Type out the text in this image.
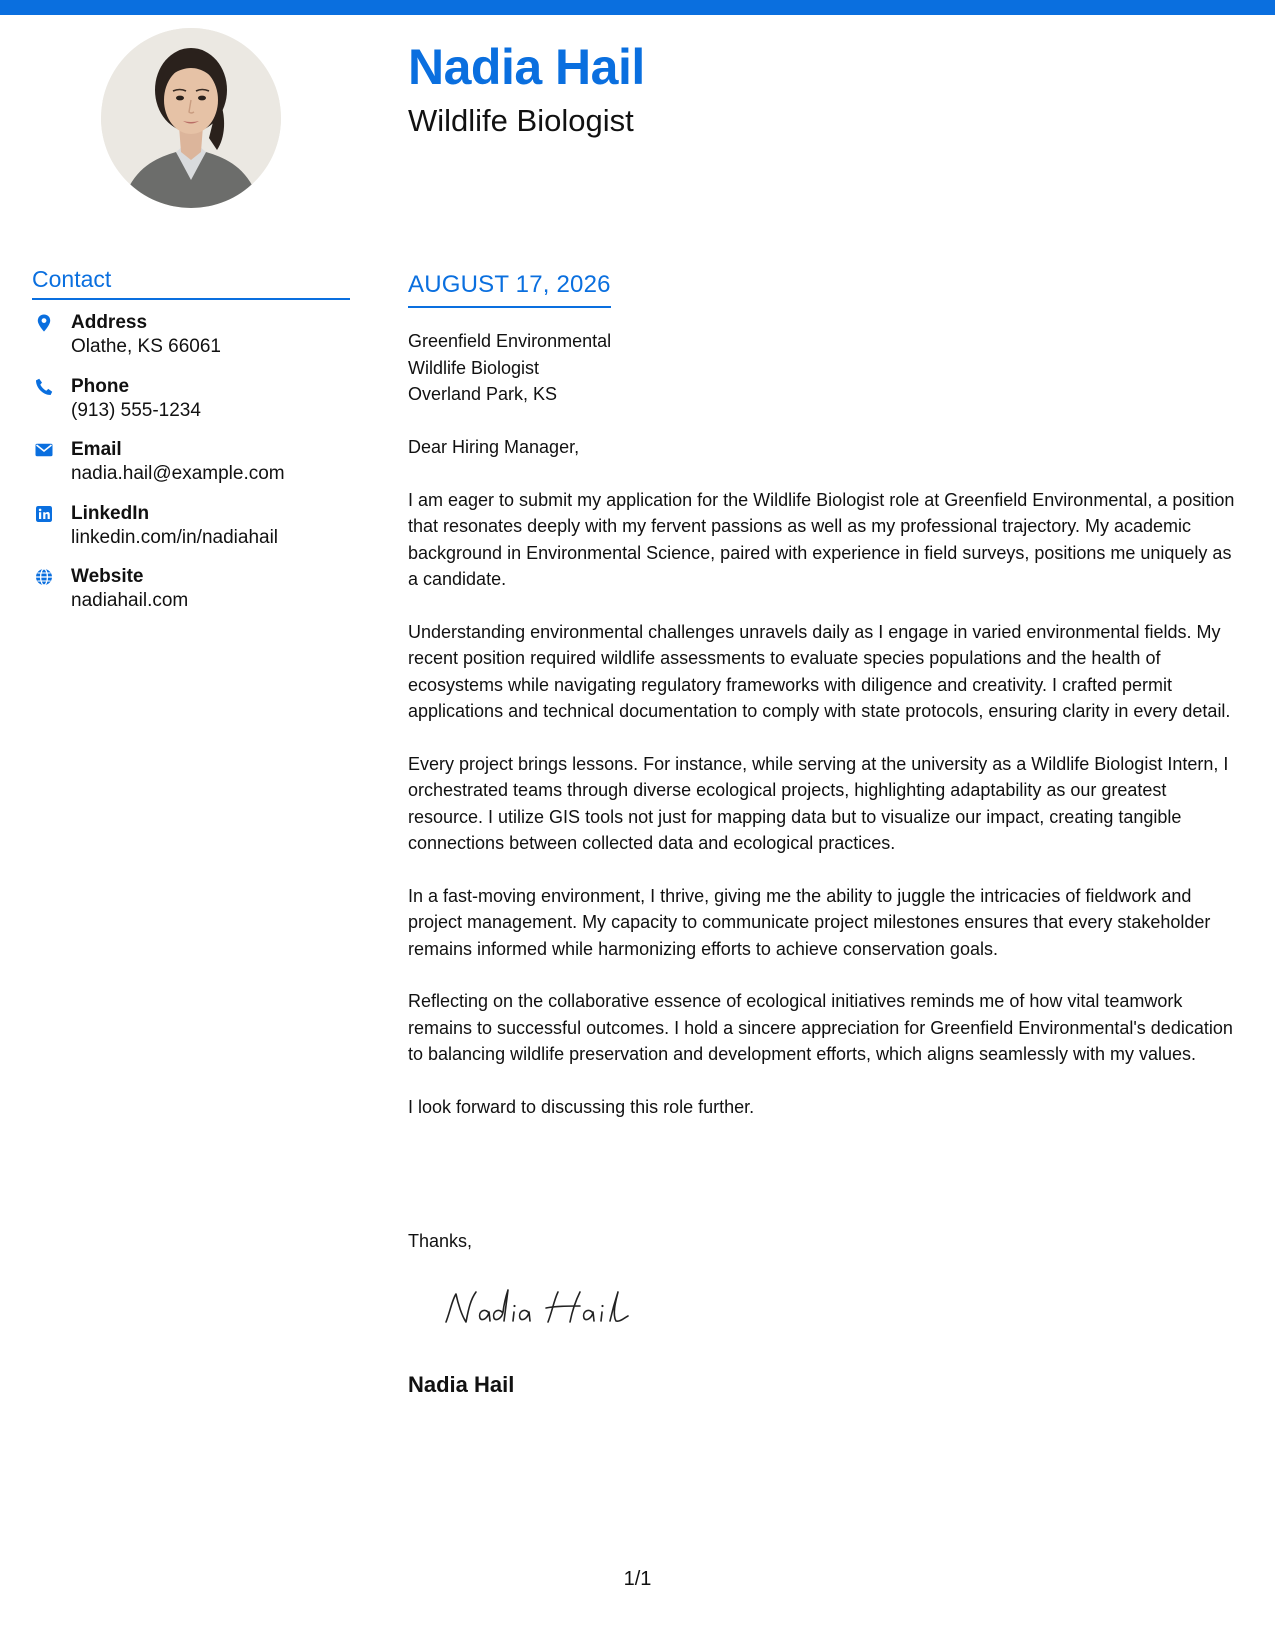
Nadia Hail
Wildlife Biologist
Contact
Address
Olathe, KS 66061
Phone
(913) 555-1234
Email
nadia.hail@example.com
LinkedIn
linkedin.com/in/nadiahail
Website
nadiahail.com
AUGUST 17, 2026
Greenfield Environmental
Wildlife Biologist
Overland Park, KS

Dear Hiring Manager,

I am eager to submit my application for the Wildlife Biologist role at Greenfield Environmental, a position that resonates deeply with my fervent passions as well as my professional trajectory. My academic background in Environmental Science, paired with experience in field surveys, positions me uniquely as a candidate.

Understanding environmental challenges unravels daily as I engage in varied environmental fields. My recent position required wildlife assessments to evaluate species populations and the health of ecosystems while navigating regulatory frameworks with diligence and creativity. I crafted permit applications and technical documentation to comply with state protocols, ensuring clarity in every detail.

Every project brings lessons. For instance, while serving at the university as a Wildlife Biologist Intern, I orchestrated teams through diverse ecological projects, highlighting adaptability as our greatest resource. I utilize GIS tools not just for mapping data but to visualize our impact, creating tangible connections between collected data and ecological practices.

In a fast-moving environment, I thrive, giving me the ability to juggle the intricacies of fieldwork and project management. My capacity to communicate project milestones ensures that every stakeholder remains informed while harmonizing efforts to achieve conservation goals.

Reflecting on the collaborative essence of ecological initiatives reminds me of how vital teamwork remains to successful outcomes. I hold a sincere appreciation for Greenfield Environmental's dedication to balancing wildlife preservation and development efforts, which aligns seamlessly with my values.

I look forward to discussing this role further.

Thanks,
Nadia Hail
1/1
